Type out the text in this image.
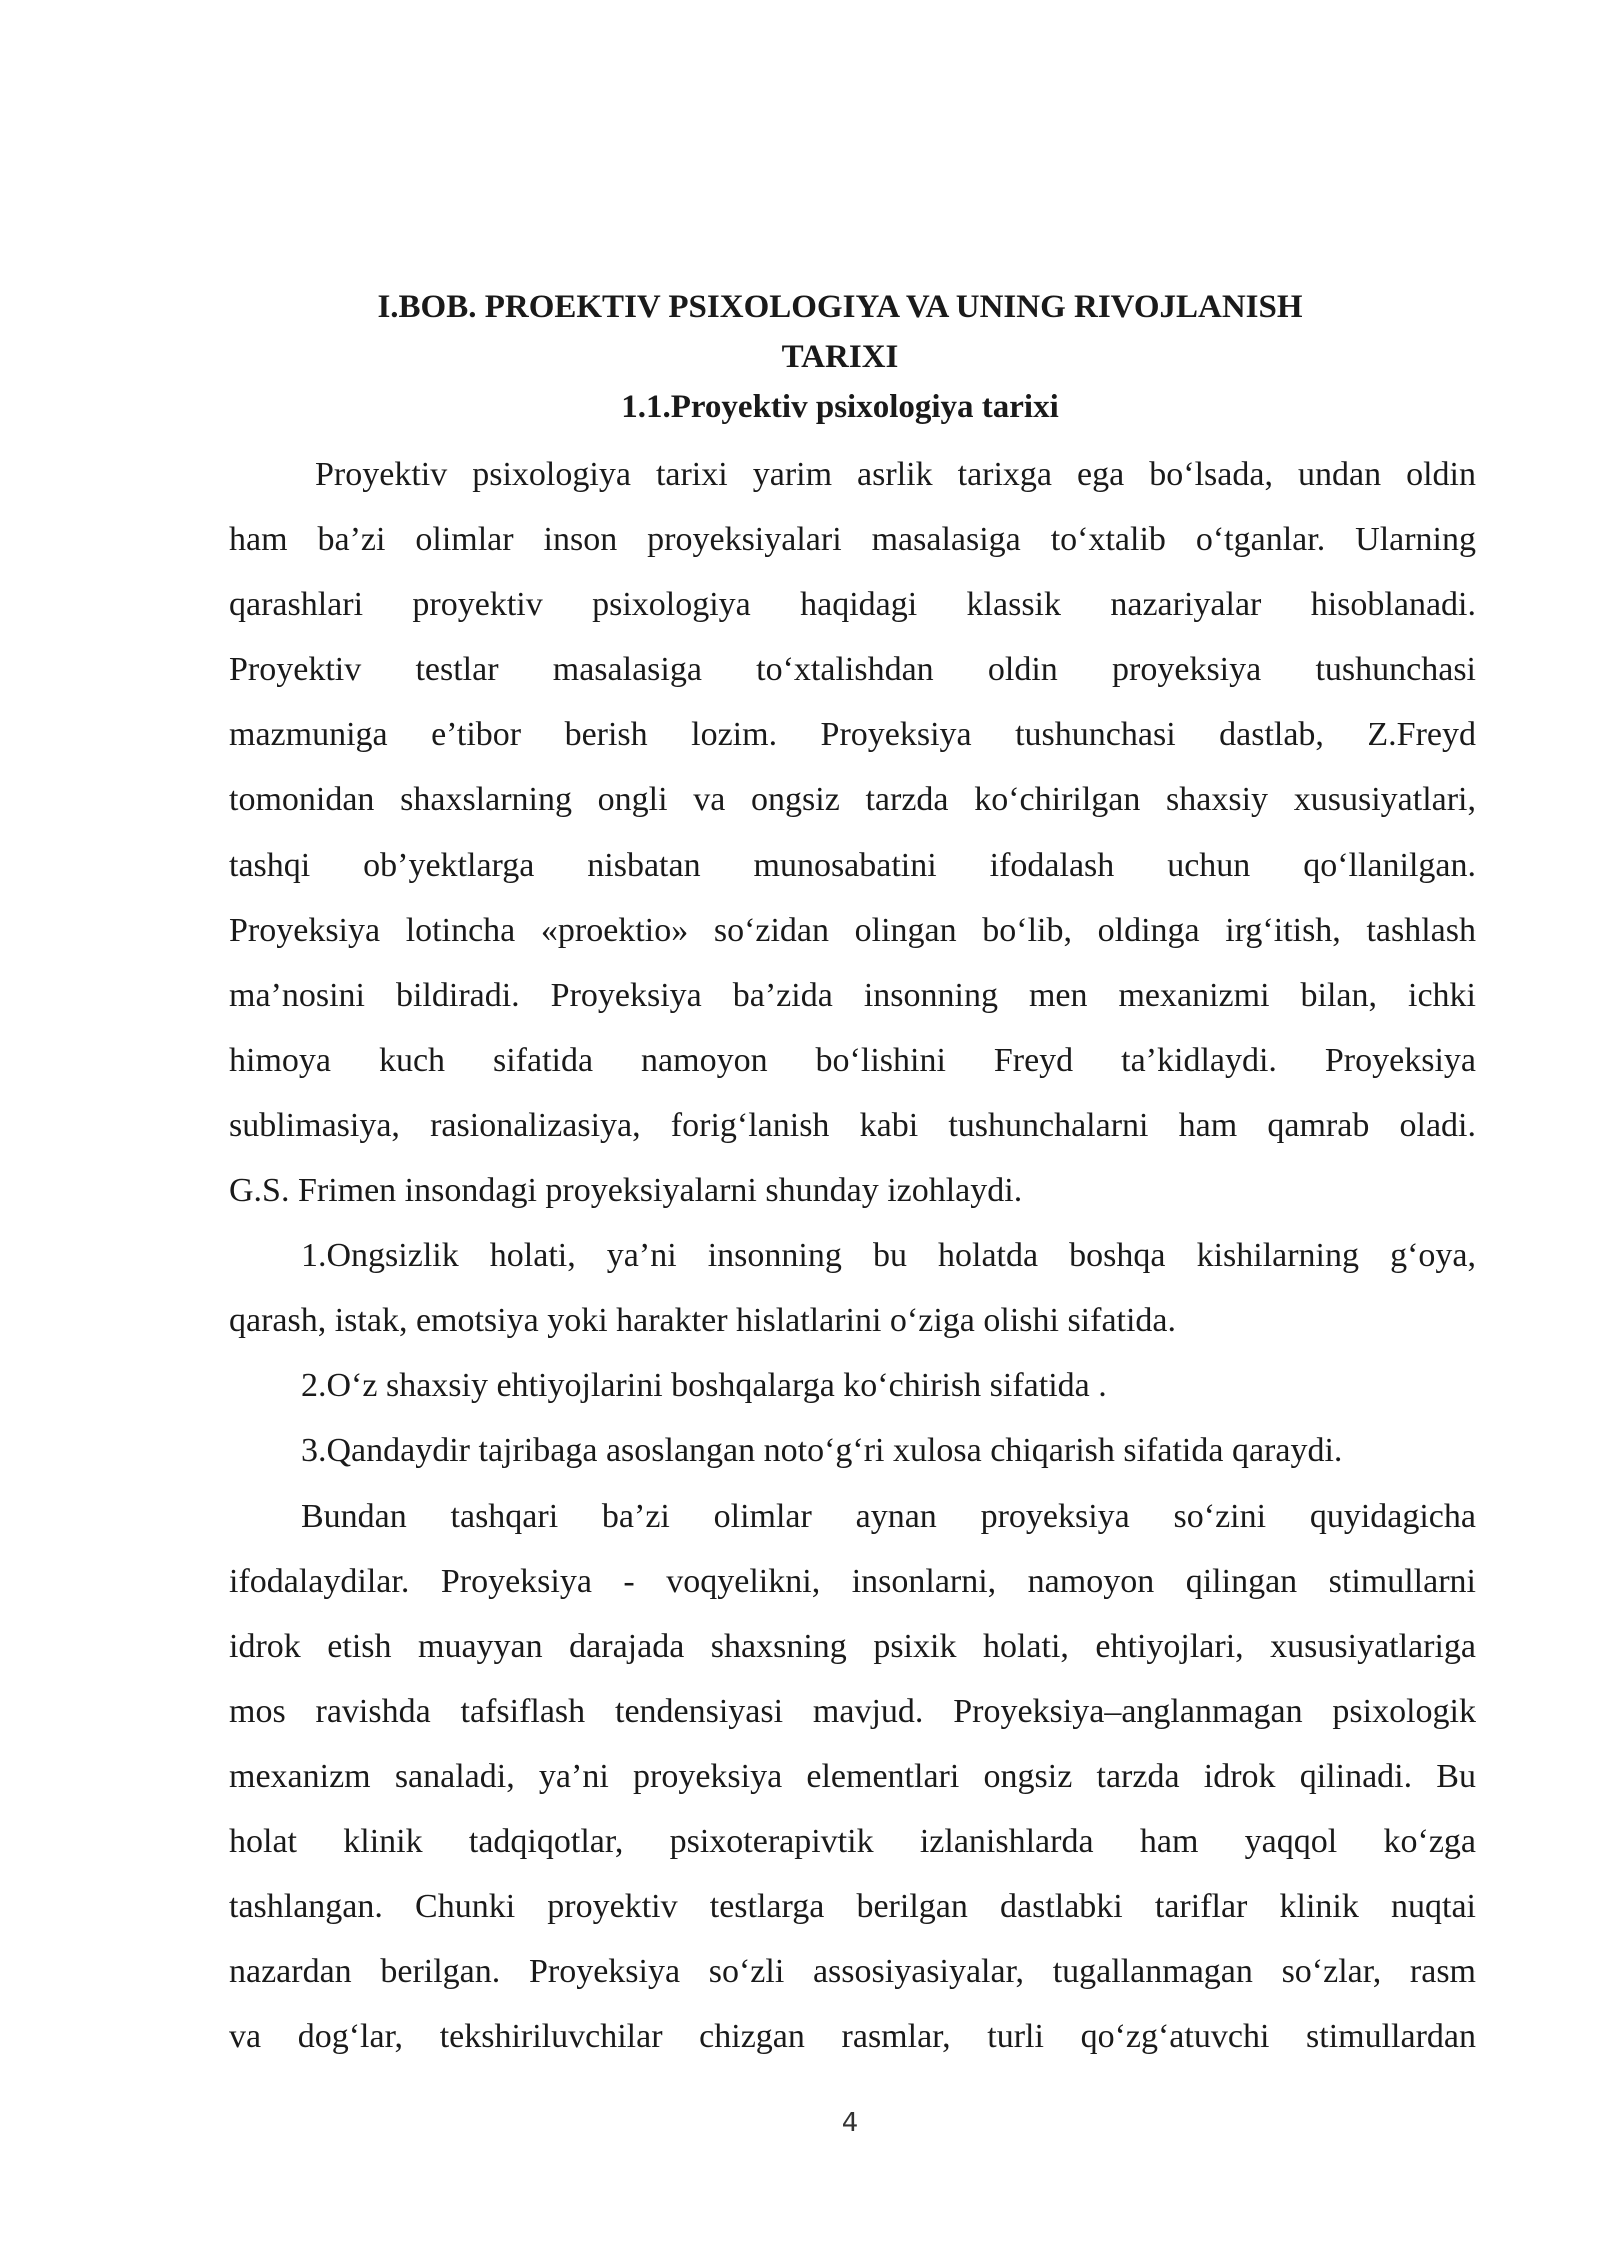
I.BOB. PROEKTIV PSIXOLOGIYA VA UNING RIVOJLANISH
TARIXI
1.1.Proyektiv psixologiya tarixi
Proyektiv psixologiya tarixi yarim asrlik tarixga ega bo‘lsada, undan oldin
ham ba’zi olimlar inson proyeksiyalari masalasiga to‘xtalib o‘tganlar. Ularning
qarashlari proyektiv psixologiya haqidagi klassik nazariyalar hisoblanadi.
Proyektiv testlar masalasiga to‘xtalishdan oldin proyeksiya tushunchasi
mazmuniga e’tibor berish lozim. Proyeksiya tushunchasi dastlab, Z.Freyd
tomonidan shaxslarning ongli va ongsiz tarzda ko‘chirilgan shaxsiy xususiyatlari,
tashqi ob’yektlarga nisbatan munosabatini ifodalash uchun qo‘llanilgan.
Proyeksiya lotincha «proektio» so‘zidan olingan bo‘lib, oldinga irg‘itish, tashlash
ma’nosini bildiradi. Proyeksiya ba’zida insonning men mexanizmi bilan, ichki
himoya kuch sifatida namoyon bo‘lishini Freyd ta’kidlaydi. Proyeksiya
sublimasiya, rasionalizasiya, forig‘lanish kabi tushunchalarni ham qamrab oladi.
G.S. Frimen insondagi proyeksiyalarni shunday izohlaydi.
1.Ongsizlik holati, ya’ni insonning bu holatda boshqa kishilarning g‘oya,
qarash, istak, emotsiya yoki harakter hislatlarini o‘ziga olishi sifatida.
2.O‘z shaxsiy ehtiyojlarini boshqalarga ko‘chirish sifatida .
3.Qandaydir tajribaga asoslangan noto‘g‘ri xulosa chiqarish sifatida qaraydi.
Bundan tashqari ba’zi olimlar aynan proyeksiya so‘zini quyidagicha
ifodalaydilar. Proyeksiya - voqyelikni, insonlarni, namoyon qilingan stimullarni
idrok etish muayyan darajada shaxsning psixik holati, ehtiyojlari, xususiyatlariga
mos ravishda tafsiflash tendensiyasi mavjud. Proyeksiya–anglanmagan psixologik
mexanizm sanaladi, ya’ni proyeksiya elementlari ongsiz tarzda idrok qilinadi. Bu
holat klinik tadqiqotlar, psixoterapivtik izlanishlarda ham yaqqol ko‘zga
tashlangan. Chunki proyektiv testlarga berilgan dastlabki tariflar klinik nuqtai
nazardan berilgan. Proyeksiya so‘zli assosiyasiyalar, tugallanmagan so‘zlar, rasm
va dog‘lar, tekshiriluvchilar chizgan rasmlar, turli qo‘zg‘atuvchi stimullardan
4
